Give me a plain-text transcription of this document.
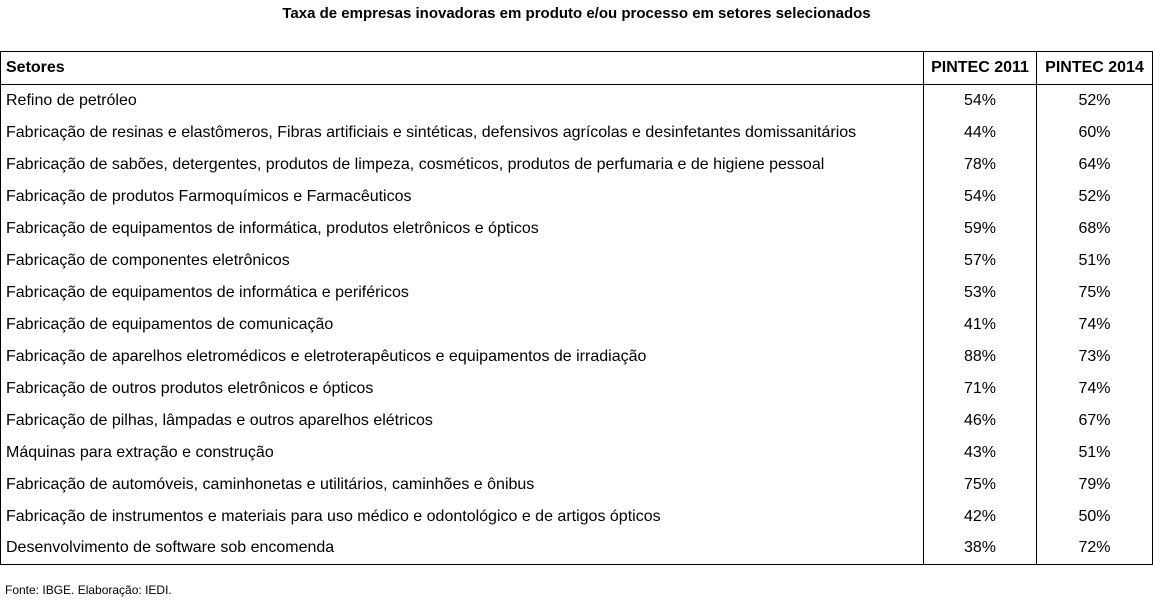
Taxa de empresas inovadoras em produto e/ou processo em setores selecionados
Setores	PINTEC 2011	PINTEC 2014
Refino de petróleo	54%	52%
Fabricação de resinas e elastômeros, Fibras artificiais e sintéticas, defensivos agrícolas e desinfetantes domissanitários	44%	60%
Fabricação de sabões, detergentes, produtos de limpeza, cosméticos, produtos de perfumaria e de higiene pessoal	78%	64%
Fabricação de produtos Farmoquímicos e Farmacêuticos	54%	52%
Fabricação de equipamentos de informática, produtos eletrônicos e ópticos	59%	68%
Fabricação de componentes eletrônicos	57%	51%
Fabricação de equipamentos de informática e periféricos	53%	75%
Fabricação de equipamentos de comunicação	41%	74%
Fabricação de aparelhos eletromédicos e eletroterapêuticos e equipamentos de irradiação	88%	73%
Fabricação de outros produtos eletrônicos e ópticos	71%	74%
Fabricação de pilhas, lâmpadas e outros aparelhos elétricos	46%	67%
Máquinas para extração e construção	43%	51%
Fabricação de automóveis, caminhonetas e utilitários, caminhões e ônibus	75%	79%
Fabricação de instrumentos e materiais para uso médico e odontológico e de artigos ópticos	42%	50%
Desenvolvimento de software sob encomenda	38%	72%
Fonte: IBGE. Elaboração: IEDI.
